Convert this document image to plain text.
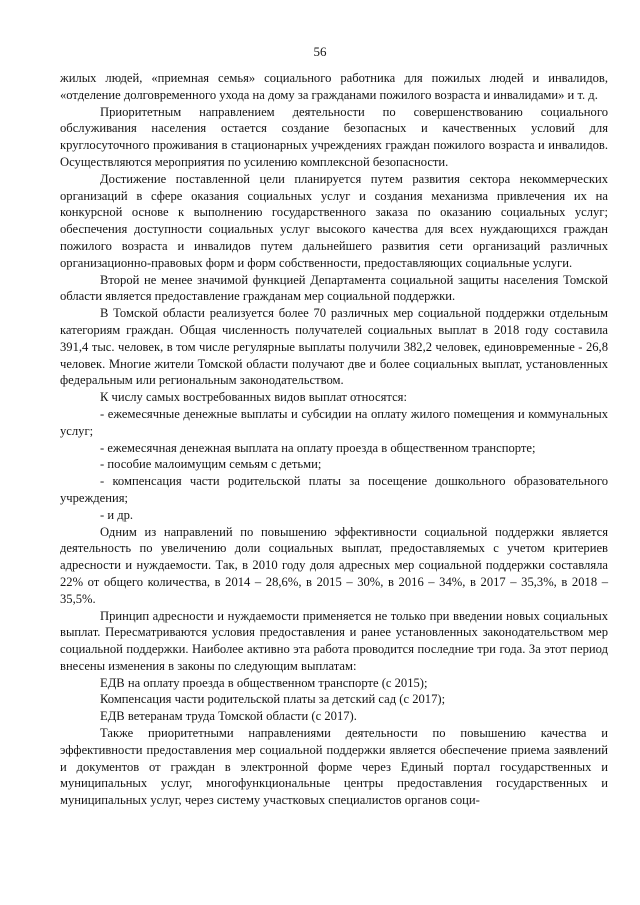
56

жилых людей, «приемная семья» социального работника для пожилых людей и инвалидов, «отделение долговременного ухода на дому за гражданами пожилого возраста и инвалидами» и т. д.

Приоритетным направлением деятельности по совершенствованию социального обслуживания населения остается создание безопасных и качественных условий для круглосуточного проживания в стационарных учреждениях граждан пожилого возраста и инвалидов. Осуществляются мероприятия по усилению комплексной безопасности.

Достижение поставленной цели планируется путем развития сектора некоммерческих организаций в сфере оказания социальных услуг и создания механизма привлечения их на конкурсной основе к выполнению государственного заказа по оказанию социальных услуг; обеспечения доступности социальных услуг высокого качества для всех нуждающихся граждан пожилого возраста и инвалидов путем дальнейшего развития сети организаций различных организационно-правовых форм и форм собственности, предоставляющих социальные услуги.

Второй не менее значимой функцией Департамента социальной защиты населения Томской области является предоставление гражданам мер социальной поддержки.

В Томской области реализуется более 70 различных мер социальной поддержки отдельным категориям граждан. Общая численность получателей социальных выплат в 2018 году составила 391,4 тыс. человек, в том числе регулярные выплаты получили 382,2 человек, единовременные - 26,8 человек. Многие жители Томской области получают две и более социальных выплат, установленных федеральным или региональным законодательством.

К числу самых востребованных видов выплат относятся:

- ежемесячные денежные выплаты и субсидии на оплату жилого помещения и коммунальных услуг;
- ежемесячная денежная выплата на оплату проезда в общественном транспорте;
- пособие малоимущим семьям с детьми;
- компенсация части родительской платы за посещение дошкольного образовательного учреждения;
- и др.

Одним из направлений по повышению эффективности социальной поддержки является деятельность по увеличению доли социальных выплат, предоставляемых с учетом критериев адресности и нуждаемости. Так, в 2010 году доля адресных мер социальной поддержки составляла 22% от общего количества, в 2014 – 28,6%, в 2015 – 30%, в 2016 – 34%, в 2017 – 35,3%, в 2018 – 35,5%.

Принцип адресности и нуждаемости применяется не только при введении новых социальных выплат. Пересматриваются условия предоставления и ранее установленных законодательством мер социальной поддержки. Наиболее активно эта работа проводится последние три года. За этот период внесены изменения в законы по следующим выплатам:

ЕДВ на оплату проезда в общественном транспорте (с 2015);
Компенсация части родительской платы за детский сад (с 2017);
ЕДВ ветеранам труда Томской области (с 2017).

Также приоритетными направлениями деятельности по повышению качества и эффективности предоставления мер социальной поддержки является обеспечение приема заявлений и документов от граждан в электронной форме через Единый портал государственных и муниципальных услуг, многофункциональные центры предоставления государственных и муниципальных услуг, через систему участковых специалистов органов соци-
